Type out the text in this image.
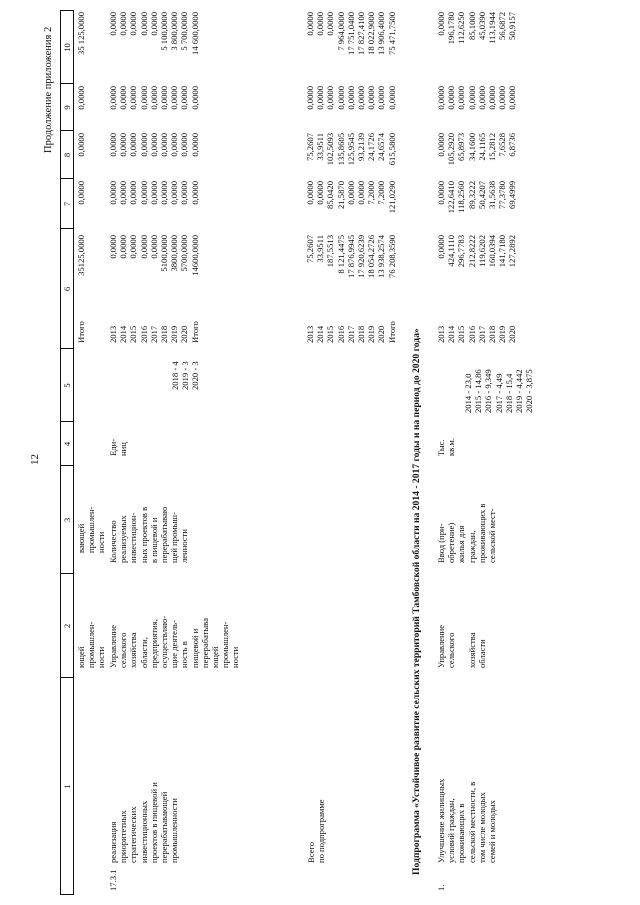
12
Продолжение приложения 2
1
2
3
4
5
6
7
8
9
10
ющей
промышлен-
ности
вающей
промышлен-
ности
Итого
35125,0000
0,0000
0,0000
0,0000
35 125,0000
17.3.1
реализация
приоритетных
стратегических
инвестиционных
проектов в пищевой и
перерабатывающей
промышленности
Управление
сельского
хозяйства
области,
предприятия,
осуществляю-
щие деятель-
ность в
пищевой и
перерабатыва
ющей
промышлен-
ности
Количество
реализуемых
инвестицион-
ных проектов в
в пищевой и
перерабатываю
щей промыш-
ленности
Еди-
ниц
2018 - 4
2019 - 3
2020 - 3
2013
2014
2015
2016
2017
2018
2019
2020
Итого
0,0000
0,0000
0,0000
0,0000
0,0000
5100,0000
3800,0000
5700,0000
14600,0000
0,0000
0,0000
0,0000
0,0000
0,0000
0,0000
0,0000
0,0000
0,0000
0,0000
0,0000
0,0000
0,0000
0,0000
0,0000
0,0000
0,0000
0,0000
0,0000
0,0000
0,0000
0,0000
0,0000
0,0000
0,0000
0,0000
0,0000
0,0000
0,0000
0,0000
0,0000
0,0000
5 100,0000
3 800,0000
5 700,0000
14 600,0000
Всего
по подпрограмме
2013
2014
2015
2016
2017
2018
2019
2020
Итого
75,2607
33,9511
187,5513
8 121,4475
17 876,9945
17 920,6239
18 054,2726
13 938,2574
76 208,3590
0,0000
0,0000
85,0420
21,5870
0,0000
0,0000
7,2000
7,2000
121,0290
75,2607
33,9511
102,5093
135,8605
125,9545
93,2139
24,1726
24,6574
615,5800
0,0000
0,0000
0,0000
0,0000
0,0000
0,0000
0,0000
0,0000
0,0000
0,0000
0,0000
0,0000
7 964,0000
17 751,0400
17 827,4100
18 022,9000
13 906,4000
75 471,7500
Подпрограмма «Устойчивое развитие сельских территорий Тамбовской области на 2014 - 2017 годы и на период до 2020 года»
1.
Улучшение жилищных
условий граждан,
проживающих в
сельской местности, в
том числе молодых
семей и молодых
Управление
сельского

хозяйства
области
Ввод (при-
обретение)
жилья для
граждан,
проживающих в
сельской мест-
Тыс.
кв.м.
2014 - 23,0
2015 - 14,86
2016 - 9,349
2017 - 4,49
2018 - 15,4
2019 - 4,442
2020 - 3,875
2013
2014
2015
2016
2017
2018
2019
2020
0,0000
424,1110
296,7783
212,8222
119,6202
160,0394
141,7180
127,2892
0,0000
122,6410
118,2560
89,3222
50,4207
31,5638
77,3780
69,4999
0,0000
105,2920
65,8973
34,1600
24,1165
15,2812
7,6528
6,8736
0,0000
0,0000
0,0000
0,0000
0,0000
0,0000
0,0000
0,0000
0,0000
196,1780
112,6250
85,1000
45,0390
113,1944
56,6872
50,9157
